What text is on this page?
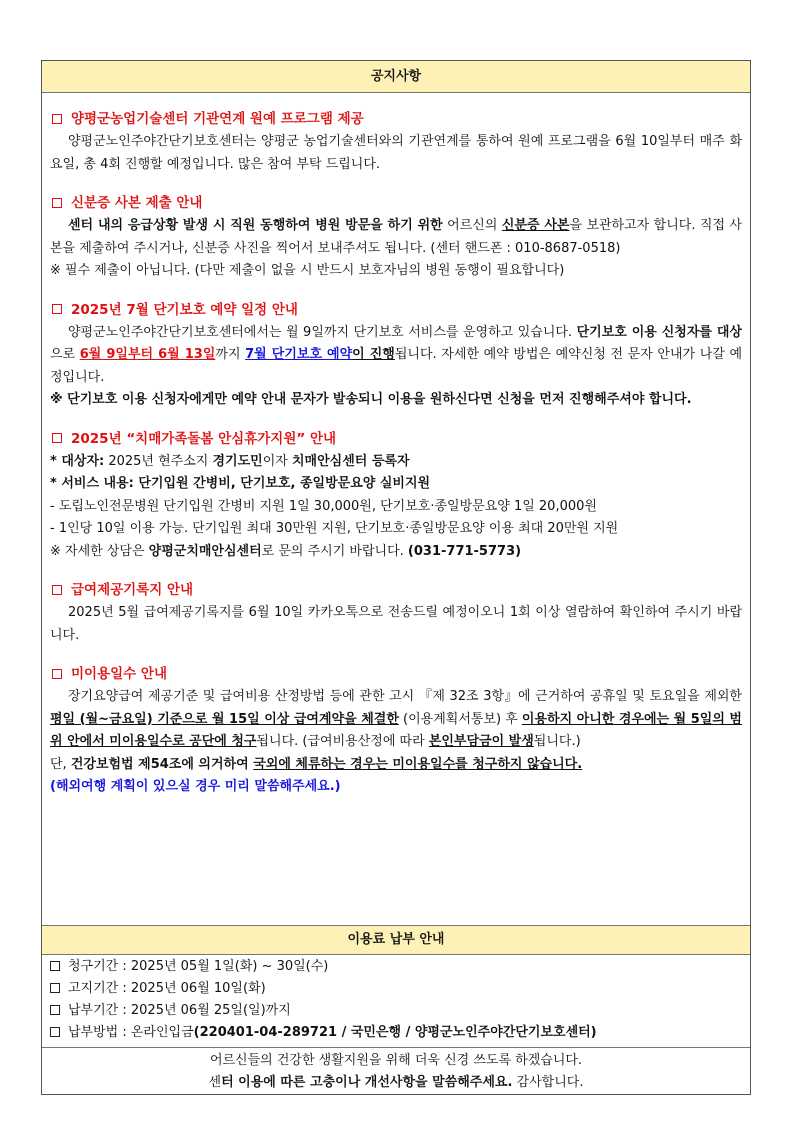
공지사항
양평군농업기술센터 기관연계 원예 프로그램 제공
양평군노인주야간단기보호센터는 양평군 농업기술센터와의 기관연계를 통하여 원예 프로그램을 6월 10일부터 매주 화요일, 총 4회 진행할 예정입니다. 많은 참여 부탁 드립니다.
신분증 사본 제출 안내
센터 내의 응급상황 발생 시 직원 동행하여 병원 방문을 하기 위한 어르신의 신분증 사본을 보관하고자 합니다. 직접 사본을 제출하여 주시거나, 신분증 사진을 찍어서 보내주셔도 됩니다. (센터 핸드폰 : 010-8687-0518)
※ 필수 제출이 아닙니다. (다만 제출이 없을 시 반드시 보호자님의 병원 동행이 필요합니다)
2025년 7월 단기보호 예약 일정 안내
양평군노인주야간단기보호센터에서는 월 9일까지 단기보호 서비스를 운영하고 있습니다. 단기보호 이용 신청자를 대상으로 6월 9일부터 6월 13일까지 7월 단기보호 예약이 진행됩니다. 자세한 예약 방법은 예약신청 전 문자 안내가 나갈 예정입니다.
※ 단기보호 이용 신청자에게만 예약 안내 문자가 발송되니 이용을 원하신다면 신청을 먼저 진행해주셔야 합니다.
2025년 “치매가족돌봄 안심휴가지원” 안내
* 대상자: 2025년 현주소지 경기도민이자 치매안심센터 등록자
* 서비스 내용: 단기입원 간병비, 단기보호, 종일방문요양 실비지원
- 도립노인전문병원 단기입원 간병비 지원 1일 30,000원, 단기보호·종일방문요양 1일 20,000원
- 1인당 10일 이용 가능. 단기입원 최대 30만원 지원, 단기보호·종일방문요양 이용 최대 20만원 지원
※ 자세한 상담은 양평군치매안심센터로 문의 주시기 바랍니다. (031-771-5773)
급여제공기록지 안내
2025년 5월 급여제공기록지를 6월 10일 카카오톡으로 전송드릴 예정이오니 1회 이상 열람하여 확인하여 주시기 바랍니다.
미이용일수 안내
장기요양급여 제공기준 및 급여비용 산정방법 등에 관한 고시 『제 32조 3항』에 근거하여 공휴일 및 토요일을 제외한 평일 (월~금요일) 기준으로 월 15일 이상 급여계약을 체결한 (이용계획서통보) 후 이용하지 아니한 경우에는 월 5일의 범위 안에서 미이용일수로 공단에 청구됩니다. (급여비용산정에 따라 본인부담금이 발생됩니다.)
단, 건강보험법 제54조에 의거하여 국외에 체류하는 경우는 미이용일수를 청구하지 않습니다.
(해외여행 계획이 있으실 경우 미리 말씀해주세요.)
이용료 납부 안내
청구기간 : 2025년 05월 1일(화) ~ 30일(수)
고지기간 : 2025년 06월 10일(화)
납부기간 : 2025년 06월 25일(일)까지
납부방법 : 온라인입금(220401-04-289721 / 국민은행 / 양평군노인주야간단기보호센터)
어르신들의 건강한 생활지원을 위해 더욱 신경 쓰도록 하겠습니다.
센터 이용에 따른 고충이나 개선사항을 말씀해주세요. 감사합니다.
